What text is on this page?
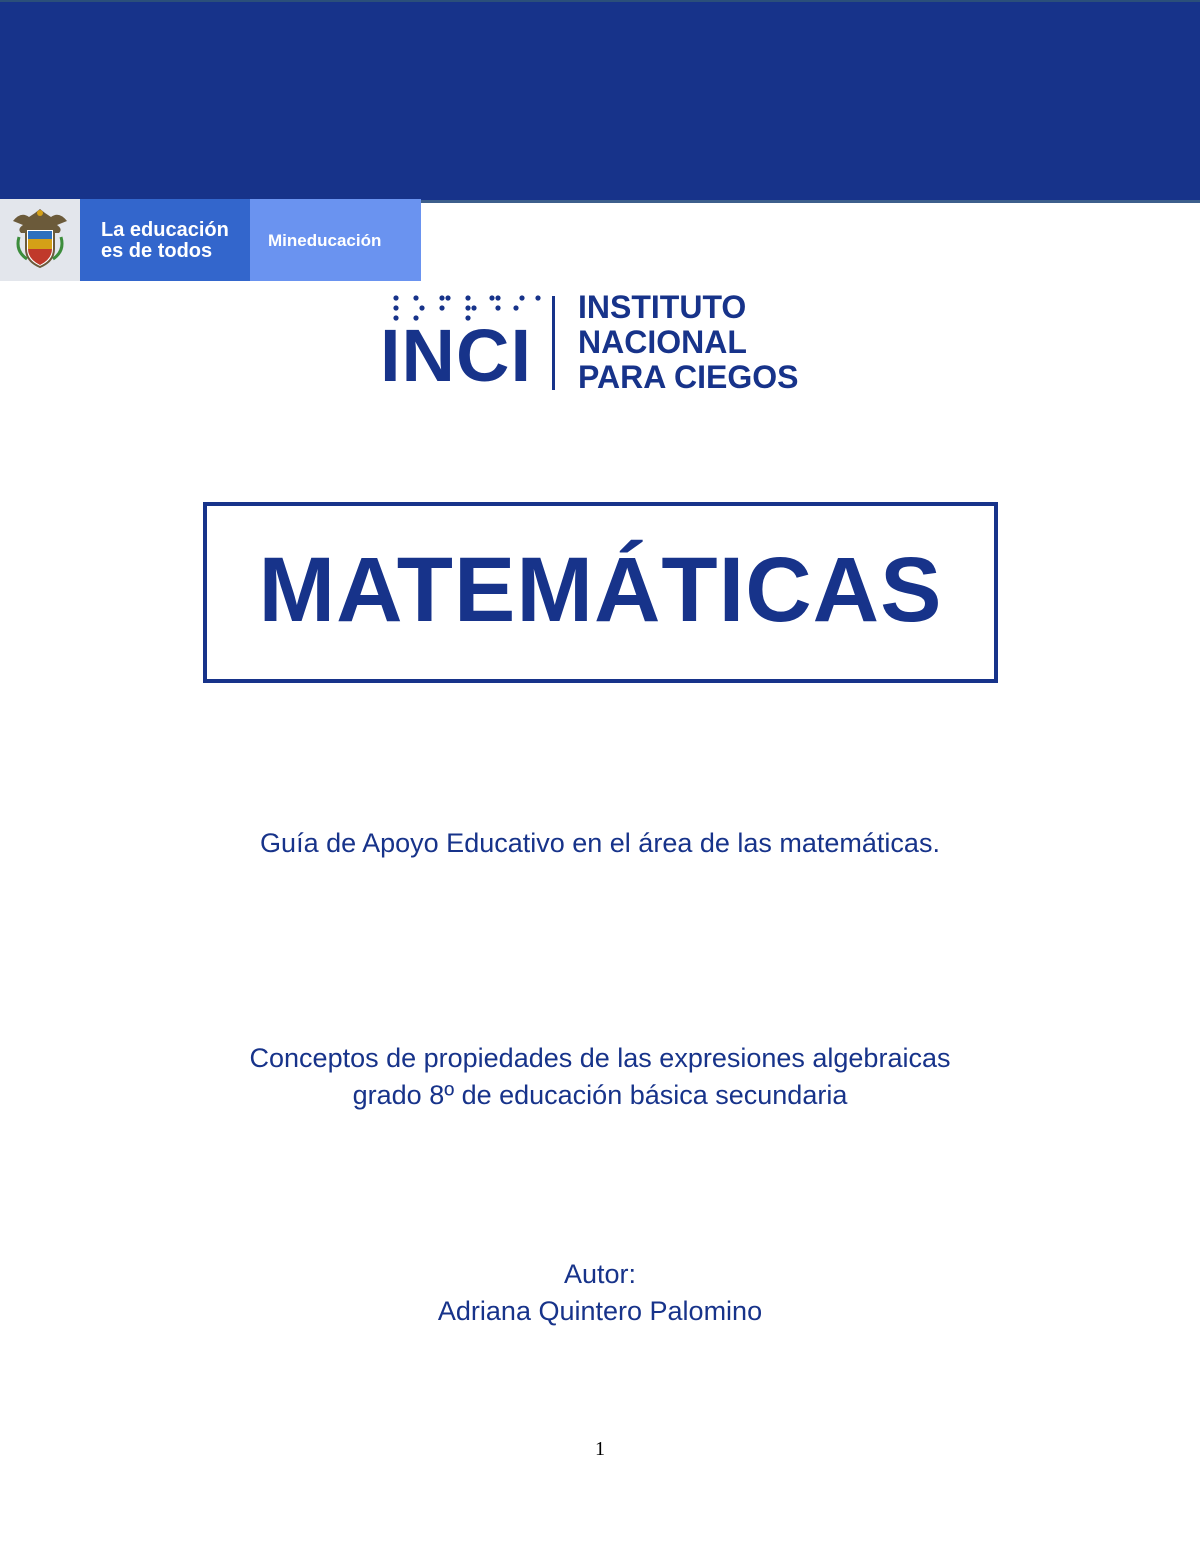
La educación
es de todos	Mineducación
INCI
INSTITUTO
NACIONAL
PARA CIEGOS
MATEMÁTICAS
Guía de Apoyo Educativo en el área de las matemáticas.
Conceptos de propiedades de las expresiones algebraicas
grado 8º de educación básica secundaria
Autor:
Adriana Quintero Palomino
1
